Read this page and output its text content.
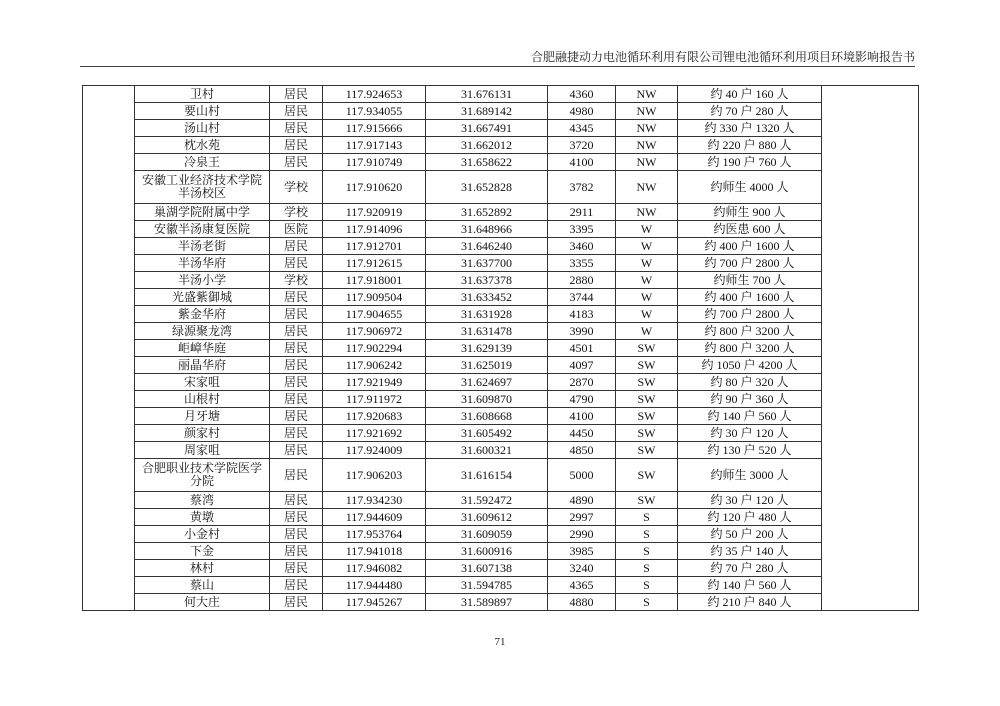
合肥融捷动力电池循环利用有限公司锂电池循环利用项目环境影响报告书
	卫村	居民	117.924653	31.676131	4360	NW	约 40 户 160 人	
	要山村	居民	117.934055	31.689142	4980	NW	约 70 户 280 人	
	汤山村	居民	117.915666	31.667491	4345	NW	约 330 户 1320 人	
	枕水苑	居民	117.917143	31.662012	3720	NW	约 220 户 880 人	
	冷泉王	居民	117.910749	31.658622	4100	NW	约 190 户 760 人	
	安徽工业经济技术学院半汤校区	学校	117.910620	31.652828	3782	NW	约师生 4000 人	
	巢湖学院附属中学	学校	117.920919	31.652892	2911	NW	约师生 900 人	
	安徽半汤康复医院	医院	117.914096	31.648966	3395	W	约医患 600 人	
	半汤老街	居民	117.912701	31.646240	3460	W	约 400 户 1600 人	
	半汤华府	居民	117.912615	31.637700	3355	W	约 700 户 2800 人	
	半汤小学	学校	117.918001	31.637378	2880	W	约师生 700 人	
	光盛紫御城	居民	117.909504	31.633452	3744	W	约 400 户 1600 人	
	紫金华府	居民	117.904655	31.631928	4183	W	约 700 户 2800 人	
	绿源聚龙湾	居民	117.906972	31.631478	3990	W	约 800 户 3200 人	
	岠嶂华庭	居民	117.902294	31.629139	4501	SW	约 800 户 3200 人	
	丽晶华府	居民	117.906242	31.625019	4097	SW	约 1050 户 4200 人	
	宋家咀	居民	117.921949	31.624697	2870	SW	约 80 户 320 人	
	山根村	居民	117.911972	31.609870	4790	SW	约 90 户 360 人	
	月牙塘	居民	117.920683	31.608668	4100	SW	约 140 户 560 人	
	颜家村	居民	117.921692	31.605492	4450	SW	约 30 户 120 人	
	周家咀	居民	117.924009	31.600321	4850	SW	约 130 户 520 人	
	合肥职业技术学院医学分院	居民	117.906203	31.616154	5000	SW	约师生 3000 人	
	蔡湾	居民	117.934230	31.592472	4890	SW	约 30 户 120 人	
	黄墩	居民	117.944609	31.609612	2997	S	约 120 户 480 人	
	小金村	居民	117.953764	31.609059	2990	S	约 50 户 200 人	
	下金	居民	117.941018	31.600916	3985	S	约 35 户 140 人	
	林村	居民	117.946082	31.607138	3240	S	约 70 户 280 人	
	蔡山	居民	117.944480	31.594785	4365	S	约 140 户 560 人	
	何大庄	居民	117.945267	31.589897	4880	S	约 210 户 840 人	
71
